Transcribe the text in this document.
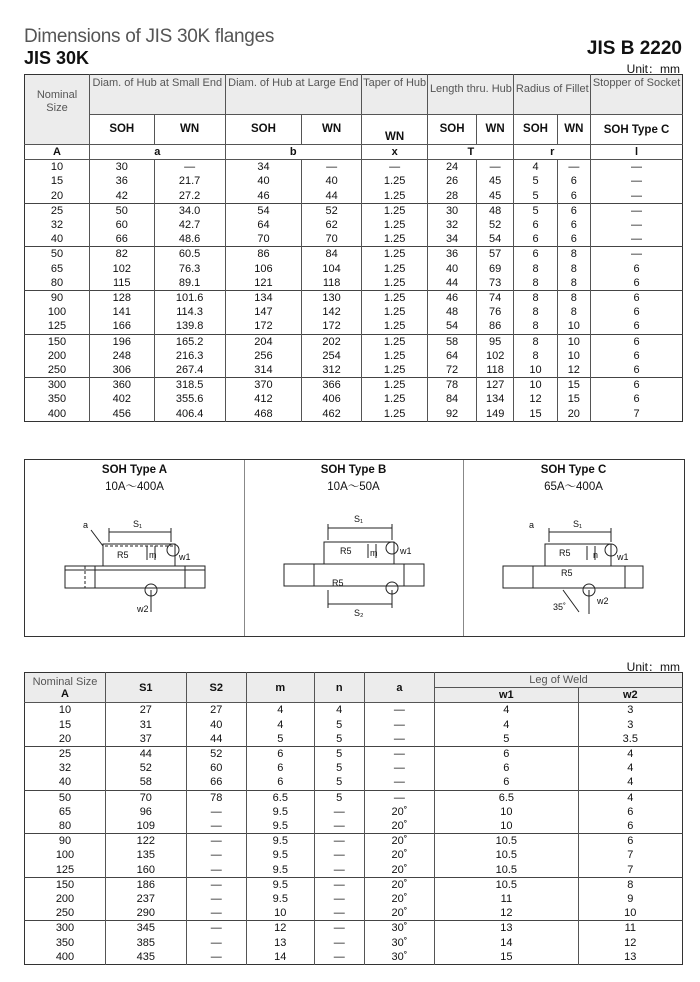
Dimensions of JIS 30K flanges
JIS 30K	JIS B 2220
Unit：mm
Nominal Size	Diam. of Hub at Small End		Diam. of Hub at Large End		Taper of Hub	Length thru. Hub		Radius of Fillet		Stopper of Socket
	SOH	WN	SOH	WN	WN	SOH	WN	SOH	WN	SOH Type C
A	a		b		x	T		r		l
10	30	—	34	—	—	24	—	4	—	—
15	36	21.7	40	40	1.25	26	45	5	6	—
20	42	27.2	46	44	1.25	28	45	5	6	—
25	50	34.0	54	52	1.25	30	48	5	6	—
32	60	42.7	64	62	1.25	32	52	6	6	—
40	66	48.6	70	70	1.25	34	54	6	6	—
50	82	60.5	86	84	1.25	36	57	6	8	—
65	102	76.3	106	104	1.25	40	69	8	8	6
80	115	89.1	121	118	1.25	44	73	8	8	6
90	128	101.6	134	130	1.25	46	74	8	8	6
100	141	114.3	147	142	1.25	48	76	8	8	6
125	166	139.8	172	172	1.25	54	86	8	10	6
150	196	165.2	204	202	1.25	58	95	8	10	6
200	248	216.3	256	254	1.25	64	102	8	10	6
250	306	267.4	314	312	1.25	72	118	10	12	6
300	360	318.5	370	366	1.25	78	127	10	15	6
350	402	355.6	412	406	1.25	84	134	12	15	6
400	456	406.4	468	462	1.25	92	149	15	20	7
SOH Type A
10A～400A
a	S₁
R5 m	w1
w2
SOH Type B
10A～50A
S₁
R5
R5
m	w1
S₂
SOH Type C
65A～400A
a	S₁
R5
R5
n w1
w2
35˚
Unit：mm
Nominal Size
A	S1	S2	m	n	a	Leg of Weld	
						w1	w2
10	27	27	4	4	—	4	3
15	31	40	4	5	—	4	3
20	37	44	5	5	—	5	3.5
25	44	52	6	5	—	6	4
32	52	60	6	5	—	6	4
40	58	66	6	5	—	6	4
50	70	78	6.5	5	—	6.5	4
65	96	—	9.5	—	20˚	10	6
80	109	—	9.5	—	20˚	10	6
90	122	—	9.5	—	20˚	10.5	6
100	135	—	9.5	—	20˚	10.5	7
125	160	—	9.5	—	20˚	10.5	7
150	186	—	9.5	—	20˚	10.5	8
200	237	—	9.5	—	20˚	11	9
250	290	—	10	—	20˚	12	10
300	345	—	12	—	30˚	13	11
350	385	—	13	—	30˚	14	12
400	435	—	14	—	30˚	15	13
